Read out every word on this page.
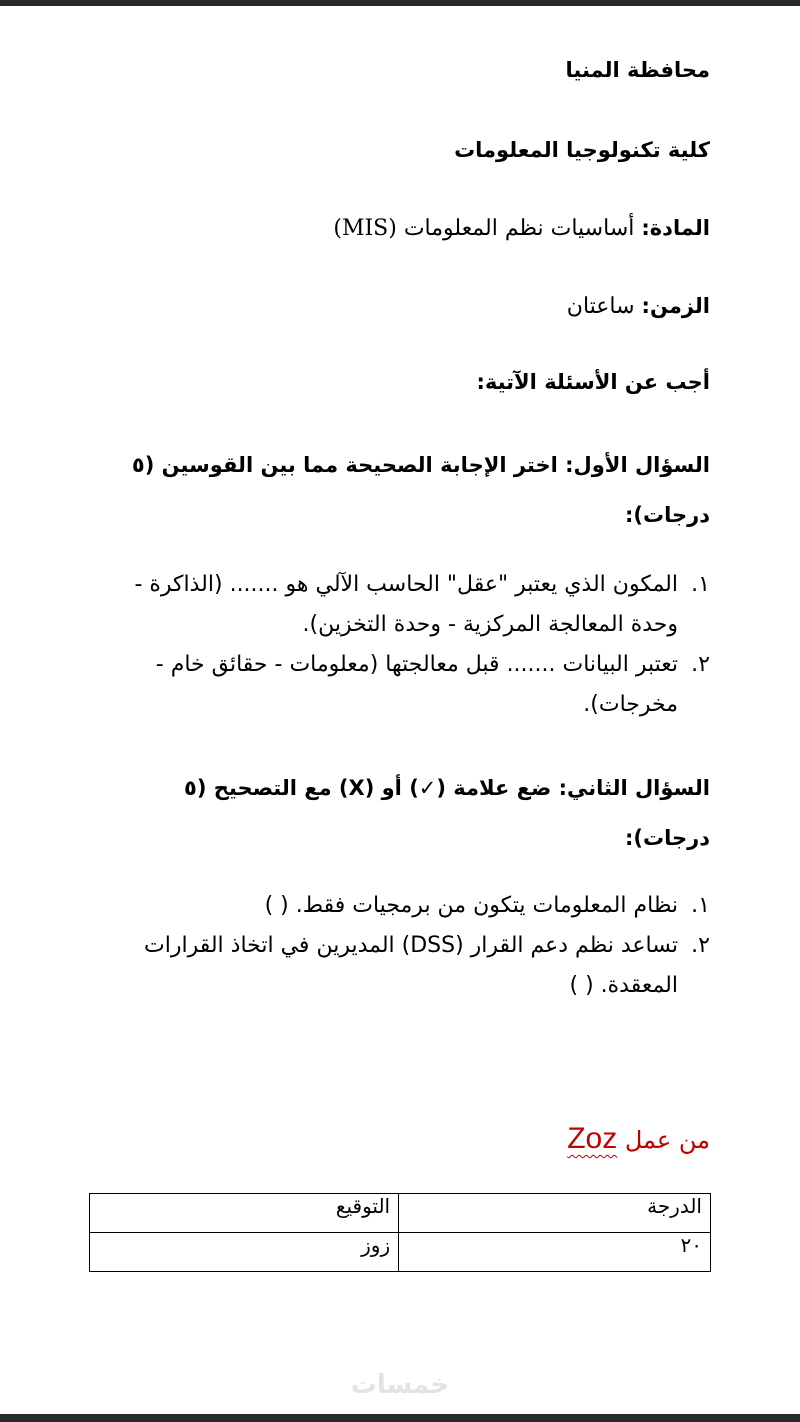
محافظة المنيا
كلية تكنولوجيا المعلومات
المادة: أساسيات نظم المعلومات (MIS)
الزمن: ساعتان
أجب عن الأسئلة الآتية:
السؤال الأول: اختر الإجابة الصحيحة مما بين القوسين (٥ درجات):
١.
المكون الذي يعتبر "عقل" الحاسب الآلي هو ....... (الذاكرة - وحدة المعالجة المركزية - وحدة التخزين).
٢.
تعتبر البيانات ....... قبل معالجتها (معلومات - حقائق خام - مخرجات).
السؤال الثاني: ضع علامة (✓) أو (X) مع التصحيح (٥ درجات):
١.
نظام المعلومات يتكون من برمجيات فقط. ( )
٢.
تساعد نظم دعم القرار (DSS) المديرين في اتخاذ القرارات المعقدة. ( )
من عمل Zoz
الدرجة	التوقيع
٢٠	زوز
خمسات
